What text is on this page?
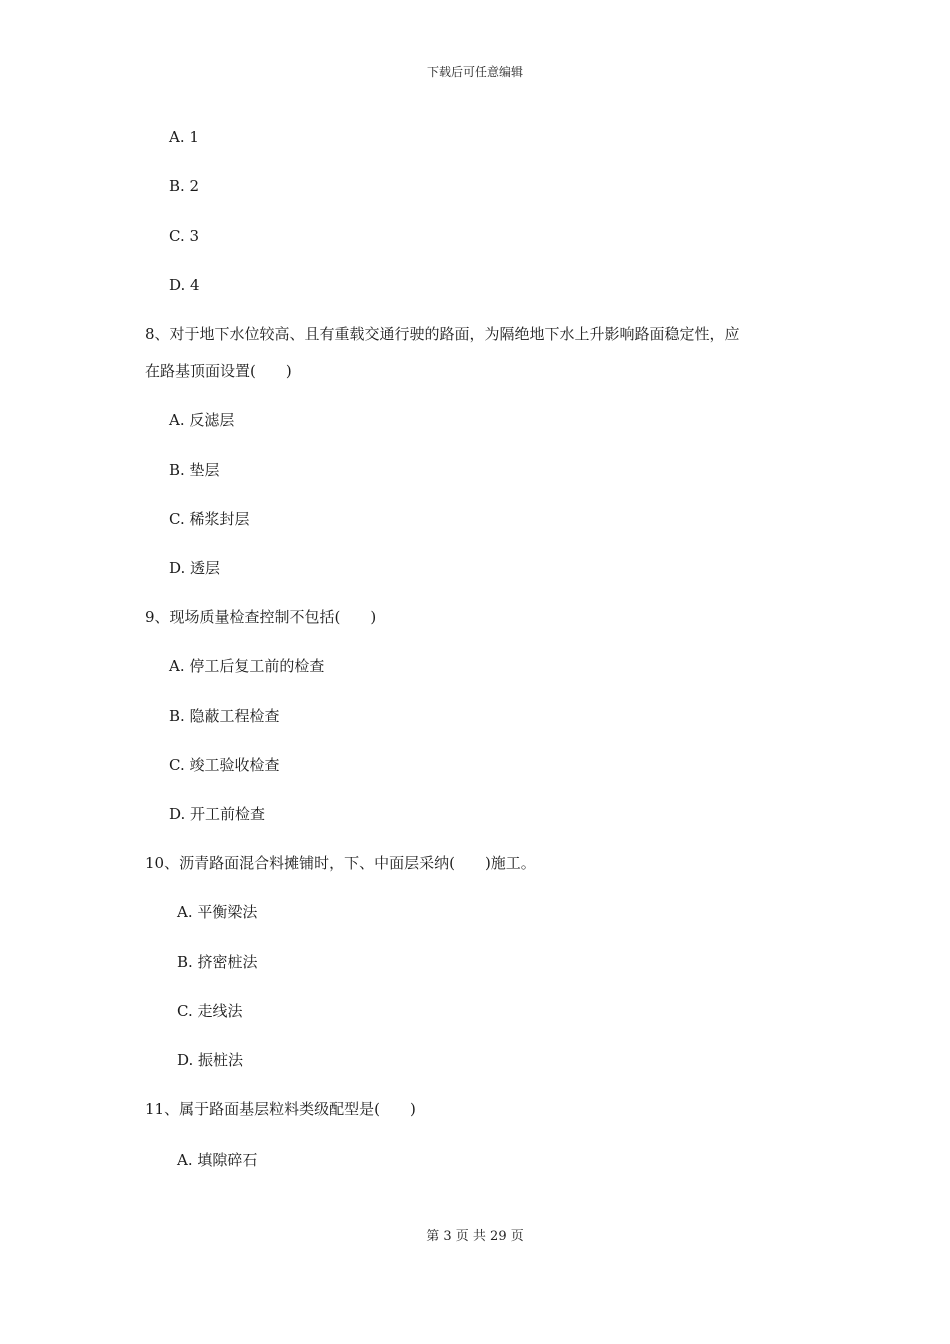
下载后可任意编辑
A. 1
B. 2
C. 3
D. 4
8、对于地下水位较高、且有重载交通行驶的路面，为隔绝地下水上升影响路面稳定性，应
在路基顶面设置(　　)
A. 反滤层
B. 垫层
C. 稀浆封层
D. 透层
9、现场质量检查控制不包括(　　)
A. 停工后复工前的检查
B. 隐蔽工程检查
C. 竣工验收检查
D. 开工前检查
10、沥青路面混合料摊铺时，下、中面层采纳(　　)施工。
A. 平衡梁法
B. 挤密桩法
C. 走线法
D. 振桩法
11、属于路面基层粒料类级配型是(　　)
A. 填隙碎石
第 3 页 共 29 页
